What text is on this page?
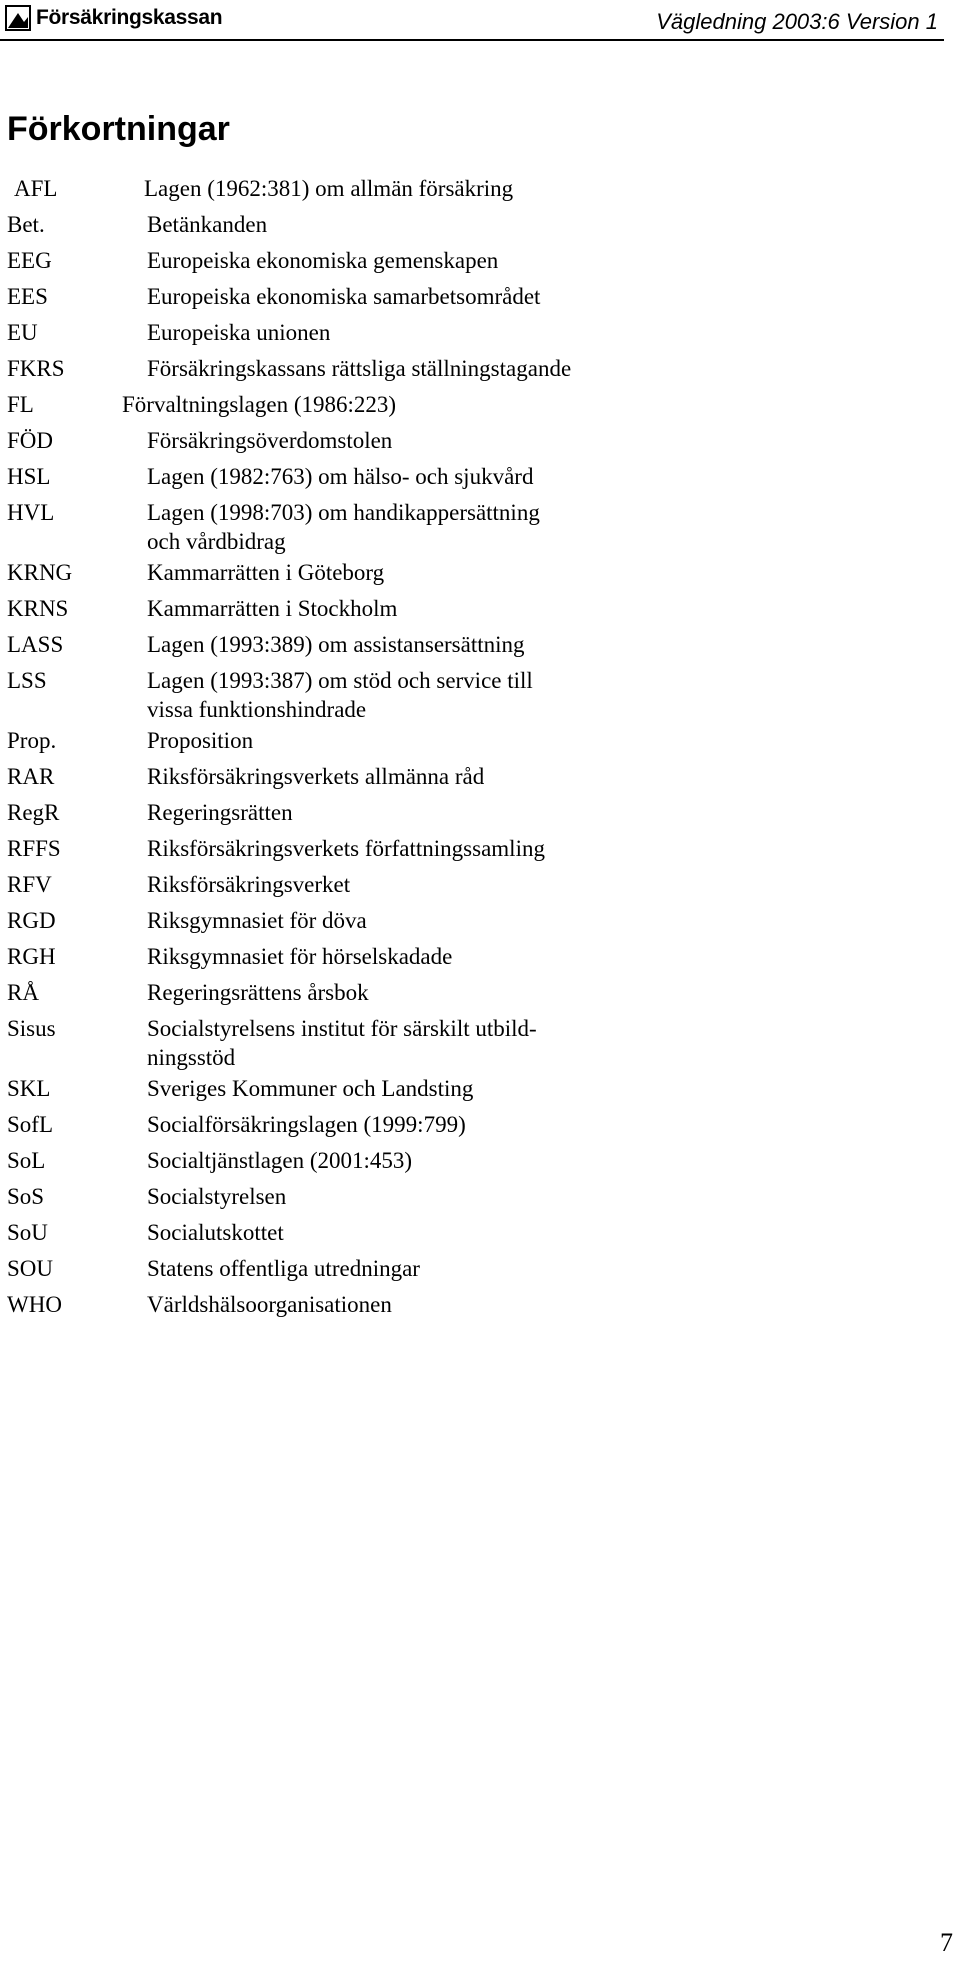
Försäkringskassan	Vägledning 2003:6 Version 1
Förkortningar
AFL	Lagen (1962:381) om allmän försäkring
Bet.	Betänkanden
EEG	Europeiska ekonomiska gemenskapen
EES	Europeiska ekonomiska samarbetsområdet
EU	Europeiska unionen
FKRS	Försäkringskassans rättsliga ställningstagande
FL	Förvaltningslagen (1986:223)
FÖD	Försäkringsöverdomstolen
HSL	Lagen (1982:763) om hälso- och sjukvård
HVL	Lagen (1998:703) om handikappersättning
och vårdbidrag
KRNG	Kammarrätten i Göteborg
KRNS	Kammarrätten i Stockholm
LASS	Lagen (1993:389) om assistansersättning
LSS	Lagen (1993:387) om stöd och service till
vissa funktionshindrade
Prop.	Proposition
RAR	Riksförsäkringsverkets allmänna råd
RegR	Regeringsrätten
RFFS	Riksförsäkringsverkets författningssamling
RFV	Riksförsäkringsverket
RGD	Riksgymnasiet för döva
RGH	Riksgymnasiet för hörselskadade
RÅ	Regeringsrättens årsbok
Sisus	Socialstyrelsens institut för särskilt utbild-
ningsstöd
SKL	Sveriges Kommuner och Landsting
SofL	Socialförsäkringslagen (1999:799)
SoL	Socialtjänstlagen (2001:453)
SoS	Socialstyrelsen
SoU	Socialutskottet
SOU	Statens offentliga utredningar
WHO	Världshälsoorganisationen
7
